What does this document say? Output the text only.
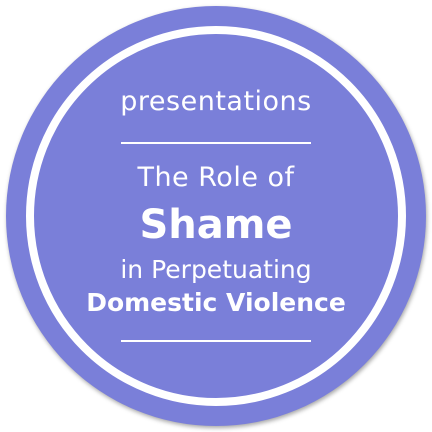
presentations
The Role of
Shame
in Perpetuating
Domestic Violence
